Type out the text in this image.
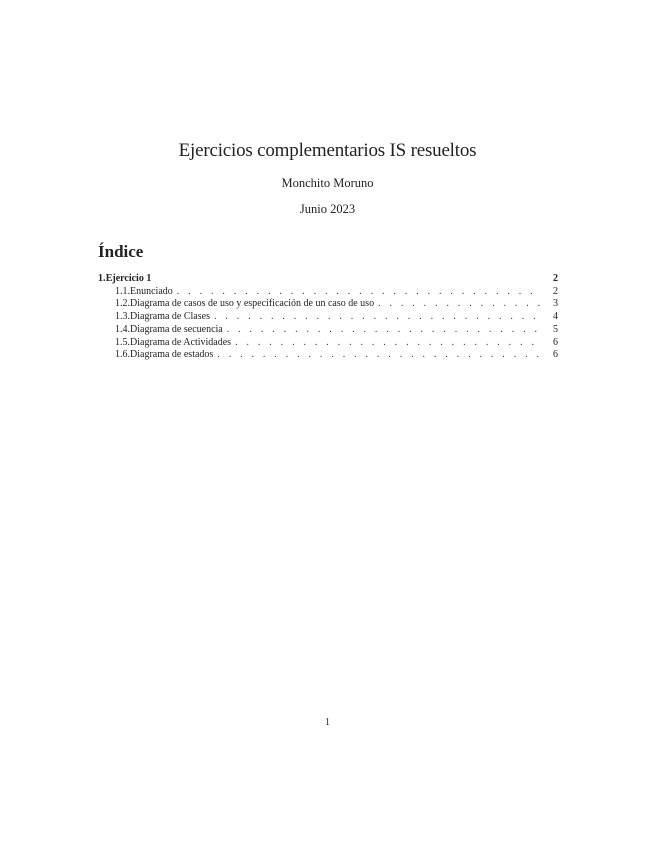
Ejercicios complementarios IS resueltos
Monchito Moruno
Junio 2023
Índice
1. Ejercicio 1	2
1.1. Enunciado . . .	2
1.2. Diagrama de casos de uso y especificación de un caso de uso . . .	3
1.3. Diagrama de Clases . . .	4
1.4. Diagrama de secuencia . . .	5
1.5. Diagrama de Actividades . . .	6
1.6. Diagrama de estados . . .	6
1
